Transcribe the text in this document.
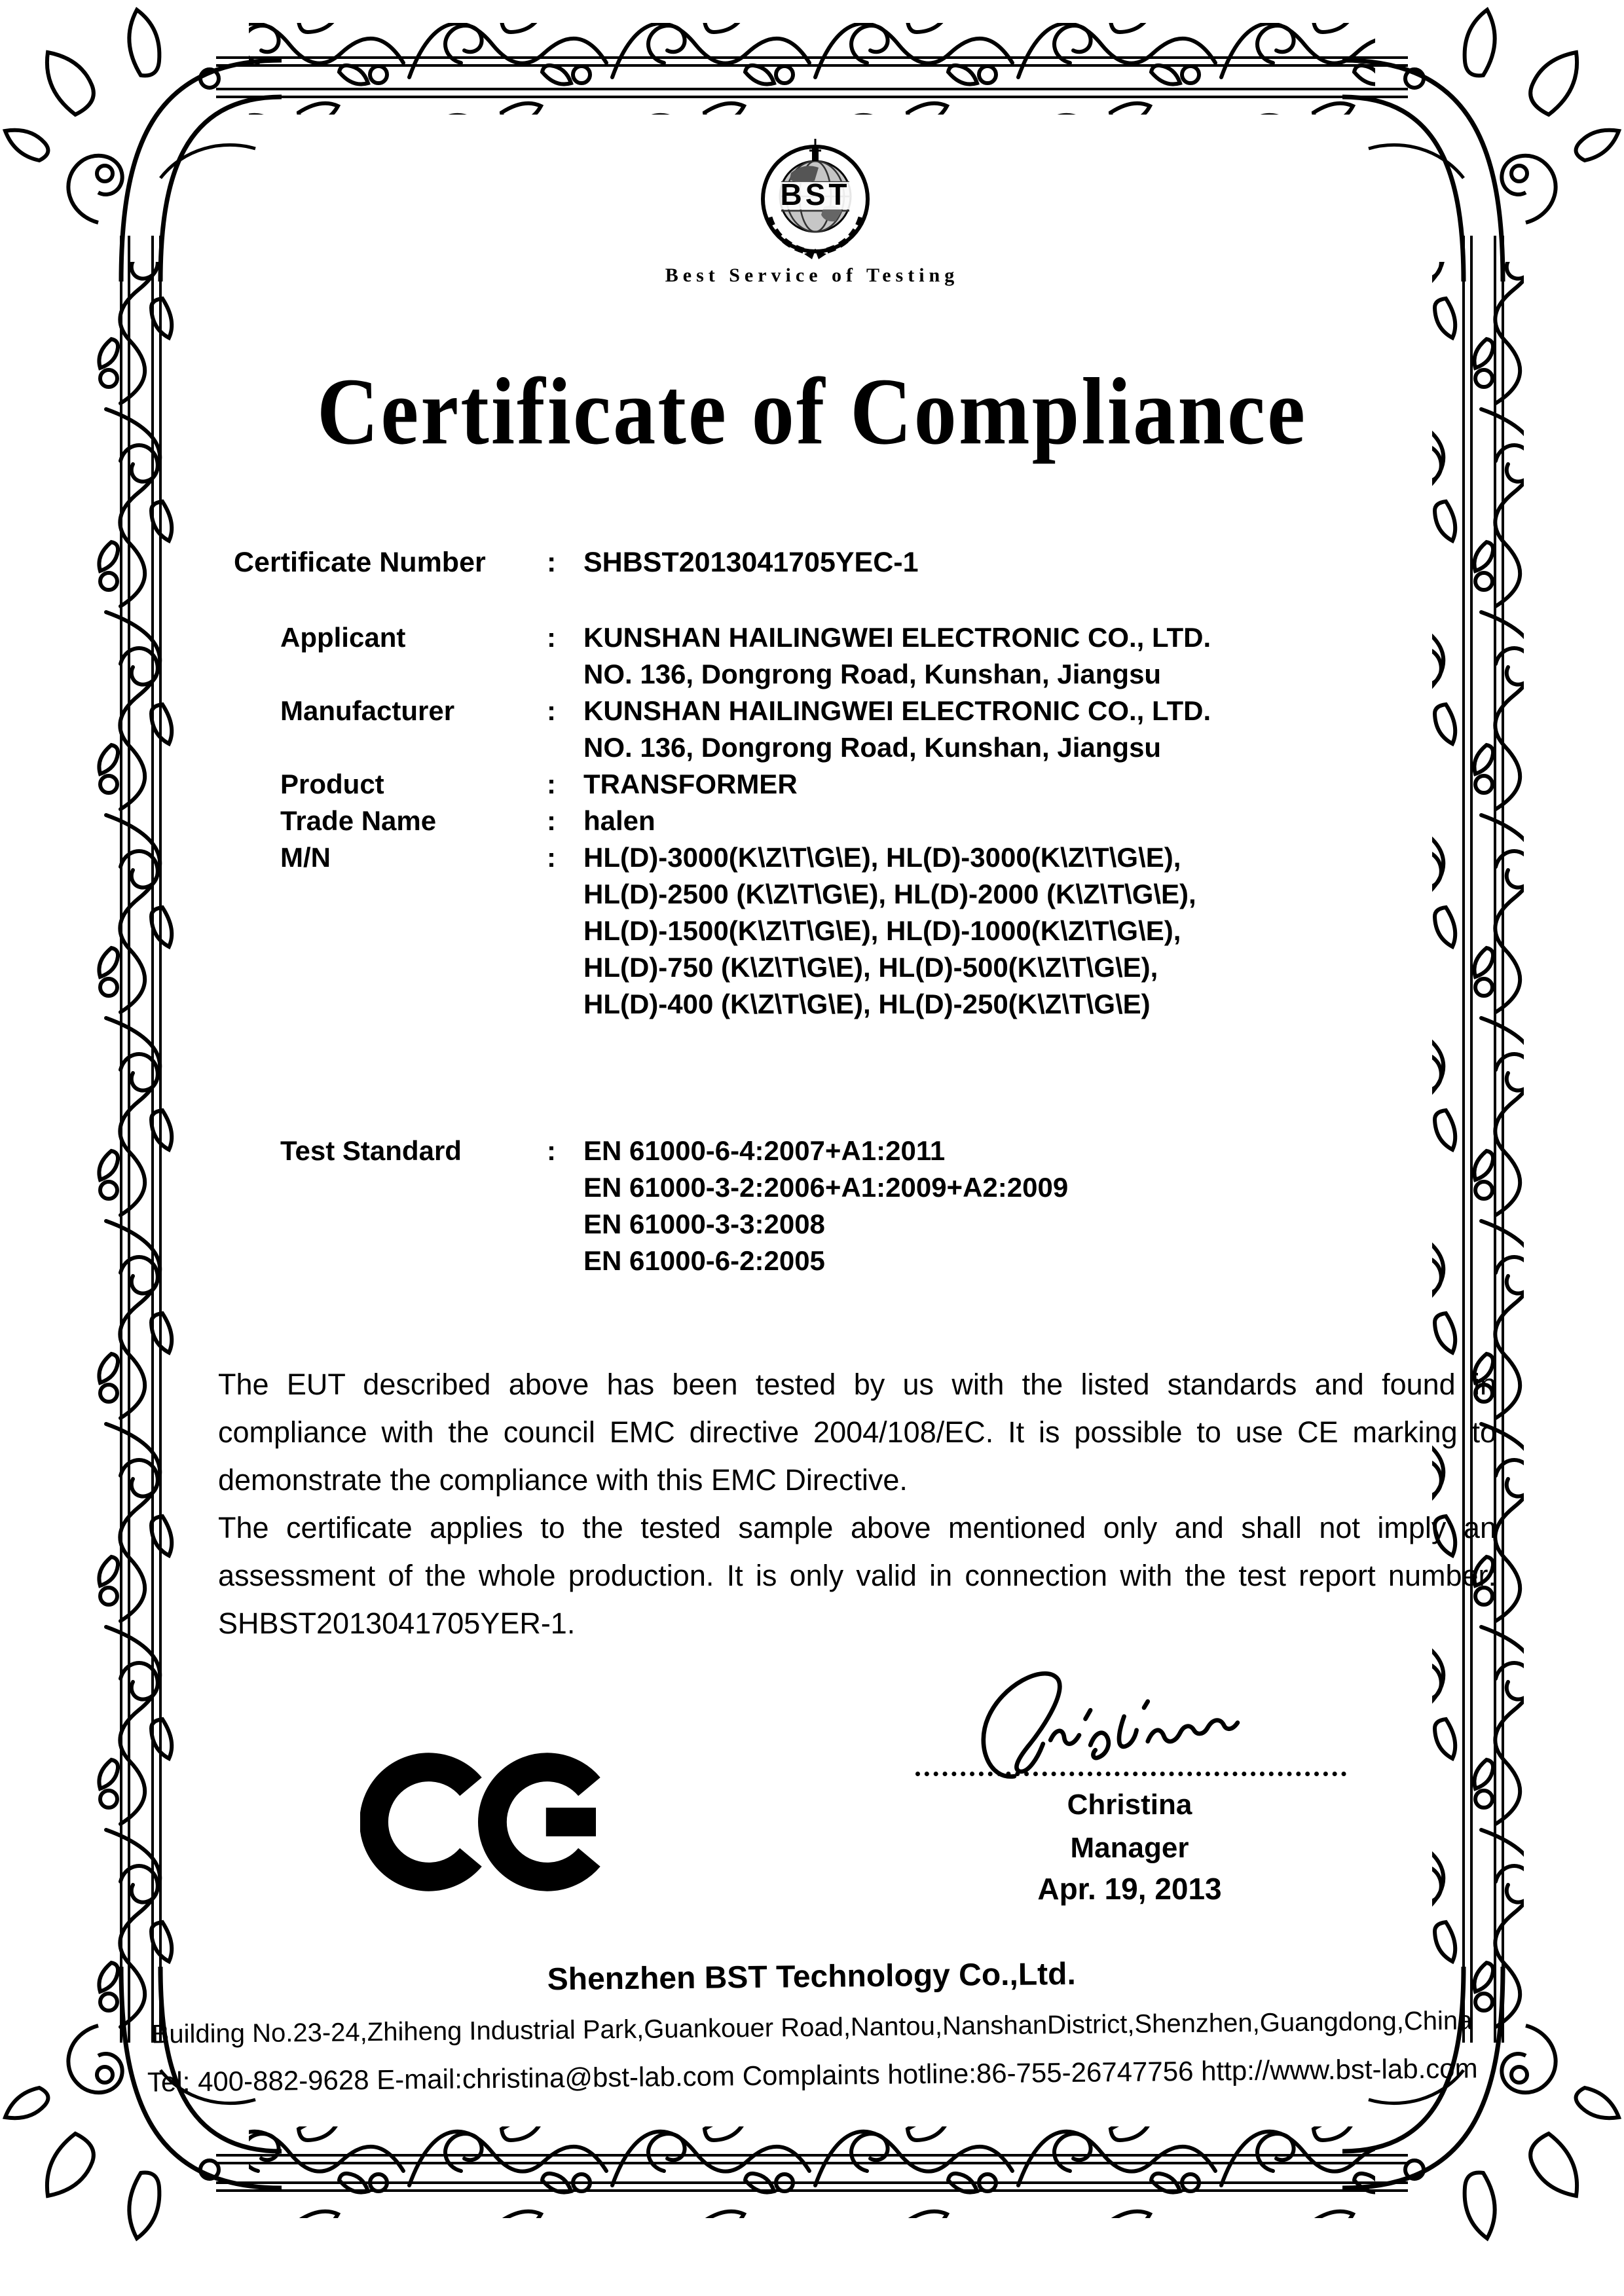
BST
Best Service of Testing
Certificate of Compliance
Certificate Number	: SHBST2013041705YEC-1
Applicant	:	KUNSHAN HAILINGWEI ELECTRONIC CO., LTD.
NO. 136, Dongrong Road, Kunshan, Jiangsu
Manufacturer	:	KUNSHAN HAILINGWEI ELECTRONIC CO., LTD.
NO. 136, Dongrong Road, Kunshan, Jiangsu
Product	:	TRANSFORMER
Trade Name	:	halen
M/N	:	HL(D)-3000(K\Z\T\G\E), HL(D)-3000(K\Z\T\G\E),
HL(D)-2500 (K\Z\T\G\E), HL(D)-2000 (K\Z\T\G\E),
HL(D)-1500(K\Z\T\G\E), HL(D)-1000(K\Z\T\G\E),
HL(D)-750 (K\Z\T\G\E), HL(D)-500(K\Z\T\G\E),
HL(D)-400 (K\Z\T\G\E), HL(D)-250(K\Z\T\G\E)
Test Standard	:	EN 61000-6-4:2007+A1:2011
EN 61000-3-2:2006+A1:2009+A2:2009
EN 61000-3-3:2008
EN 61000-6-2:2005
The EUT described above has been tested by us with the listed standards and found in compliance with the council EMC directive 2004/108/EC. It is possible to use CE marking to demonstrate the compliance with this EMC Directive.
The certificate applies to the tested sample above mentioned only and shall not imply an assessment of the whole production. It is only valid in connection with the test report number: SHBST2013041705YER-1.
Christina
Manager
Apr. 19, 2013
Shenzhen BST Technology Co.,Ltd.
Building No.23-24,Zhiheng Industrial Park,Guankouer Road,Nantou,NanshanDistrict,Shenzhen,Guangdong,China
Tel: 400-882-9628 E-mail:christina@bst-lab.com Complaints hotline:86-755-26747756 http://www.bst-lab.com
